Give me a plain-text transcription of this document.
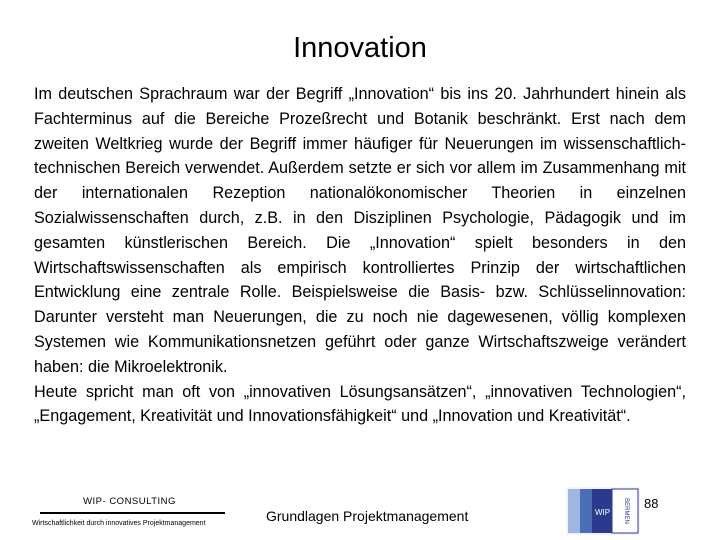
Innovation

Im deutschen Sprachraum war der Begriff „Innovation“ bis ins 20. Jahrhundert hinein als Fachterminus auf die Bereiche Prozeßrecht und Botanik beschränkt. Erst nach dem zweiten Weltkrieg wurde der Begriff immer häufiger für Neuerungen im wissenschaftlich-technischen Bereich verwendet. Außerdem setzte er sich vor allem im Zusammenhang mit der internationalen Rezeption nationalökonomischer Theorien in einzelnen Sozialwissenschaften durch, z.B. in den Disziplinen Psychologie, Pädagogik und im gesamten künstlerischen Bereich. Die „Innovation“ spielt besonders in den Wirtschaftswissenschaften als empirisch kontrolliertes Prinzip der wirtschaftlichen Entwicklung eine zentrale Rolle. Beispielsweise die Basis- bzw. Schlüsselinnovation: Darunter versteht man Neuerungen, die zu noch nie dagewesenen, völlig komplexen Systemen wie Kommunikationsnetzen geführt oder ganze Wirtschaftszweige verändert haben: die Mikroelektronik.

Heute spricht man oft von „innovativen Lösungsansätzen“, „innovativen Technologien“, „Engagement, Kreativität und Innovationsfähigkeit“ und „Innovation und Kreativität“.

WIP- CONSULTING
Wirtschaftlichkeit durch innovatives Projektmanagement	Grundlagen Projektmanagement	WIP BERMEN 88
